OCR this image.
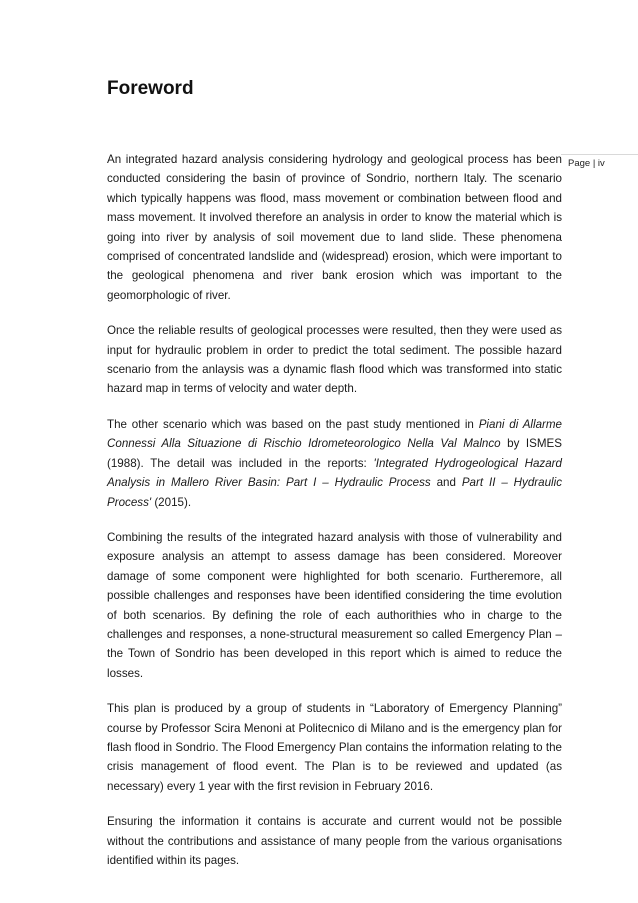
Foreword
Page | iv

An integrated hazard analysis considering hydrology and geological process has been conducted considering the basin of province of Sondrio, northern Italy. The scenario which typically happens was flood, mass movement or combination between flood and mass movement. It involved therefore an analysis in order to know the material which is going into river by analysis of soil movement due to land slide. These phenomena comprised of concentrated landslide and (widespread) erosion, which were important to the geological phenomena and river bank erosion which was important to the geomorphologic of river.

Once the reliable results of geological processes were resulted, then they were used as input for hydraulic problem in order to predict the total sediment. The possible hazard scenario from the anlaysis was a dynamic flash flood which was transformed into static hazard map in terms of velocity and water depth.

The other scenario which was based on the past study mentioned in Piani di Allarme Connessi Alla Situazione di Rischio Idrometeorologico Nella Val Malnco by ISMES (1988). The detail was included in the reports: 'Integrated Hydrogeological Hazard Analysis in Mallero River Basin: Part I – Hydraulic Process and Part II – Hydraulic Process' (2015).

Combining the results of the integrated hazard analysis with those of vulnerability and exposure analysis an attempt to assess damage has been considered. Moreover damage of some component were highlighted for both scenario. Furtheremore, all possible challenges and responses have been identified considering the time evolution of both scenarios. By defining the role of each authorithies who in charge to the challenges and responses, a none-structural measurement so called Emergency Plan – the Town of Sondrio has been developed in this report which is aimed to reduce the losses.

This plan is produced by a group of students in “Laboratory of Emergency Planning” course by Professor Scira Menoni at Politecnico di Milano and is the emergency plan for flash flood in Sondrio. The Flood Emergency Plan contains the information relating to the crisis management of flood event. The Plan is to be reviewed and updated (as necessary) every 1 year with the first revision in February 2016.

Ensuring the information it contains is accurate and current would not be possible without the contributions and assistance of many people from the various organisations identified within its pages.
